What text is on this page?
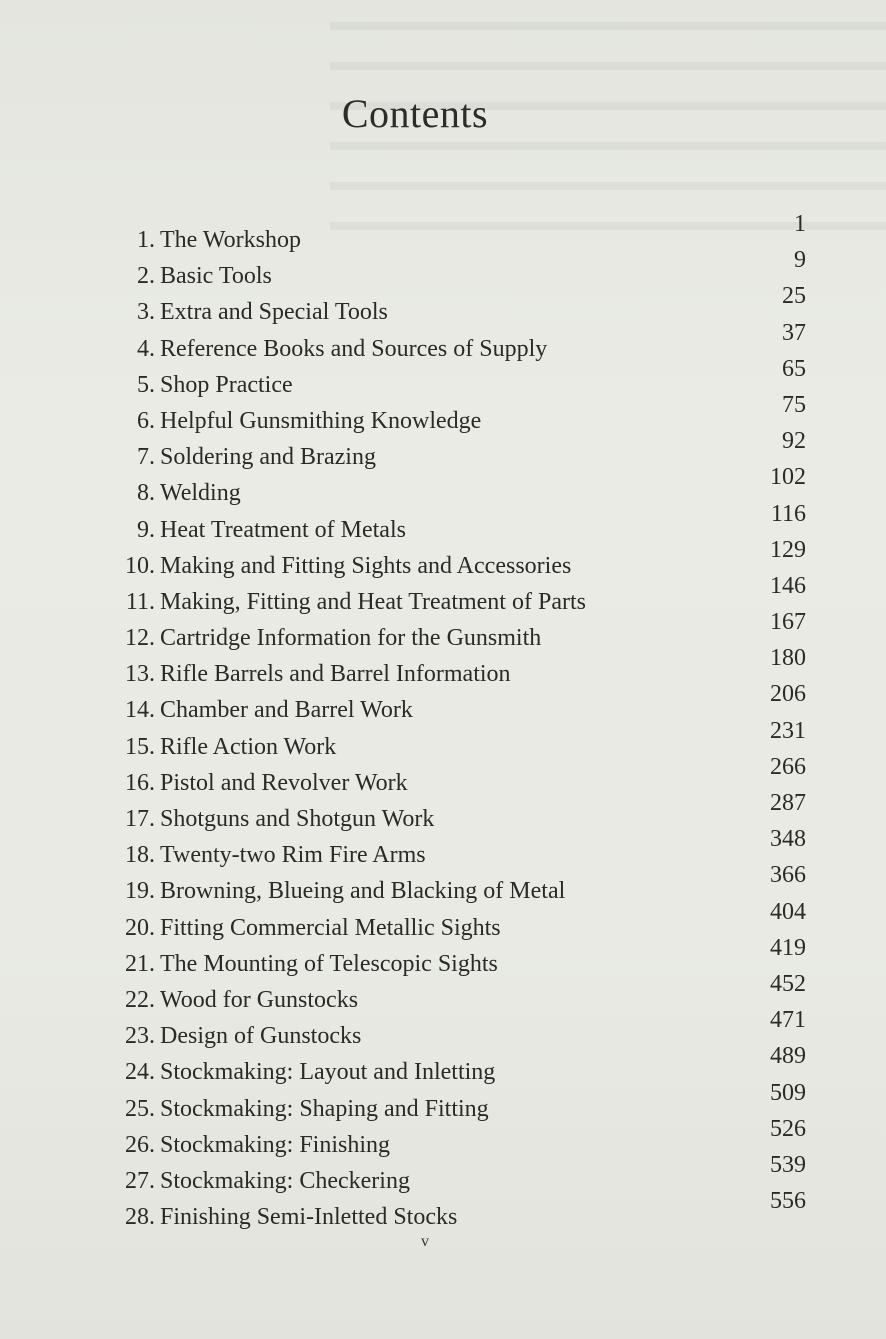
Contents
1. The Workshop
1
2. Basic Tools
9
3. Extra and Special Tools
25
4. Reference Books and Sources of Supply
37
5. Shop Practice
65
6. Helpful Gunsmithing Knowledge
75
7. Soldering and Brazing
92
8. Welding
102
9. Heat Treatment of Metals
116
10. Making and Fitting Sights and Accessories
129
11. Making, Fitting and Heat Treatment of Parts
146
12. Cartridge Information for the Gunsmith
167
13. Rifle Barrels and Barrel Information
180
14. Chamber and Barrel Work
206
15. Rifle Action Work
231
16. Pistol and Revolver Work
266
17. Shotguns and Shotgun Work
287
18. Twenty-two Rim Fire Arms
348
19. Browning, Blueing and Blacking of Metal
366
20. Fitting Commercial Metallic Sights
404
21. The Mounting of Telescopic Sights
419
22. Wood for Gunstocks
452
23. Design of Gunstocks
471
24. Stockmaking: Layout and Inletting
489
25. Stockmaking: Shaping and Fitting
509
26. Stockmaking: Finishing
526
27. Stockmaking: Checkering
539
28. Finishing Semi-Inletted Stocks
556
v
